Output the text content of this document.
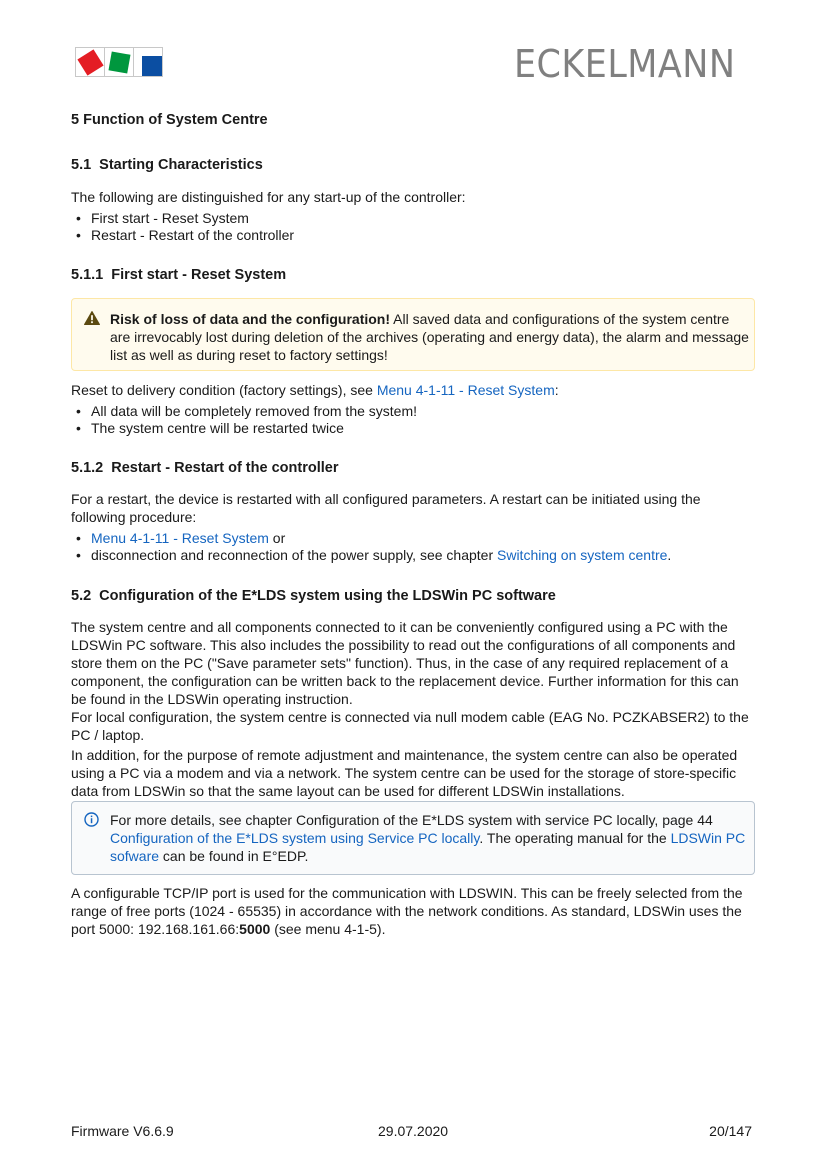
ECKELMANN
5 Function of System Centre
5.1 Starting Characteristics
The following are distinguished for any start-up of the controller:
• First start - Reset System
• Restart - Restart of the controller
5.1.1 First start - Reset System
Risk of loss of data and the configuration! All saved data and configurations of the system centre are irrevocably lost during deletion of the archives (operating and energy data), the alarm and message list as well as during reset to factory settings!
Reset to delivery condition (factory settings), see Menu 4-1-11 - Reset System:
• All data will be completely removed from the system!
• The system centre will be restarted twice
5.1.2 Restart - Restart of the controller
For a restart, the device is restarted with all configured parameters. A restart can be initiated using the following procedure:
• Menu 4-1-11 - Reset System or
• disconnection and reconnection of the power supply, see chapter Switching on system centre.
5.2 Configuration of the E*LDS system using the LDSWin PC software
The system centre and all components connected to it can be conveniently configured using a PC with the LDSWin PC software. This also includes the possibility to read out the configurations of all components and store them on the PC ("Save parameter sets" function). Thus, in the case of any required replacement of a component, the configuration can be written back to the replacement device. Further information for this can be found in the LDSWin operating instruction.
For local configuration, the system centre is connected via null modem cable (EAG No. PCZKABSER2) to the PC / laptop.
In addition, for the purpose of remote adjustment and maintenance, the system centre can also be operated using a PC via a modem and via a network. The system centre can be used for the storage of store-specific data from LDSWin so that the same layout can be used for different LDSWin installations.
For more details, see chapter Configuration of the E*LDS system with service PC locally, page 44 Configuration of the E*LDS system using Service PC locally. The operating manual for the LDSWin PC sofware can be found in E°EDP.
A configurable TCP/IP port is used for the communication with LDSWIN. This can be freely selected from the range of free ports (1024 - 65535) in accordance with the network conditions. As standard, LDSWin uses the port 5000: 192.168.161.66:5000 (see menu 4-1-5).
Firmware V6.6.9	29.07.2020	20/147
